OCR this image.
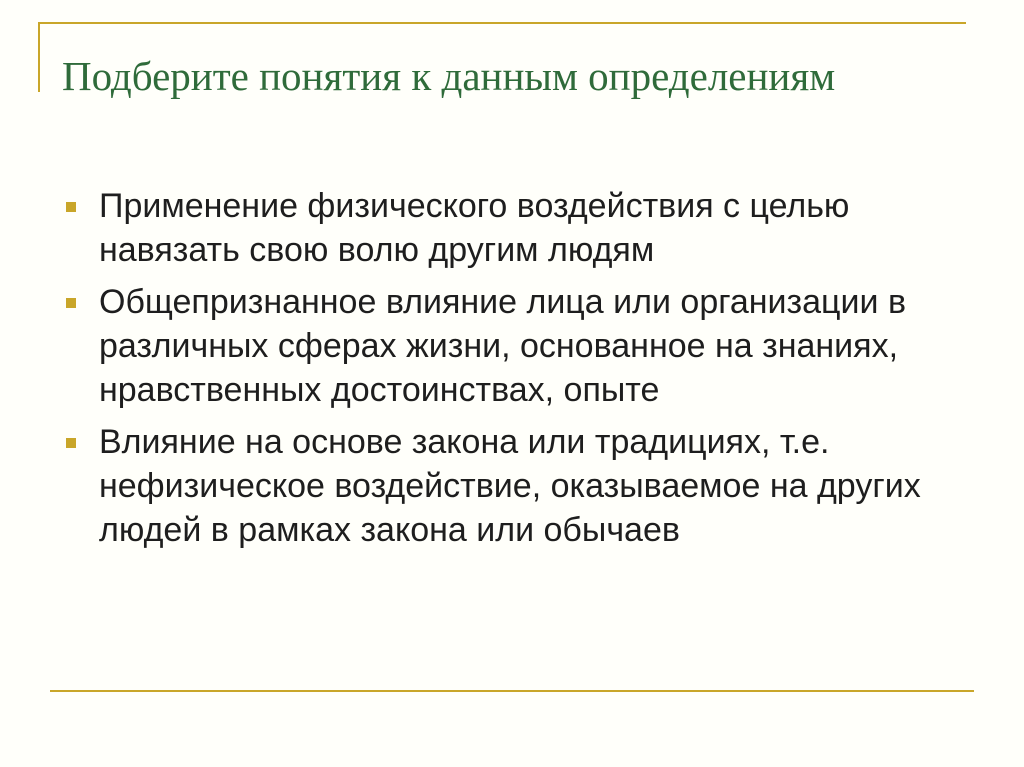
Подберите понятия к данным определениям
Применение физического воздействия с целью навязать свою волю другим людям
Общепризнанное влияние лица или организации в различных сферах жизни, основанное на знаниях, нравственных достоинствах, опыте
Влияние на основе закона или традициях, т.е. нефизическое воздействие, оказываемое на других людей в рамках закона или обычаев
